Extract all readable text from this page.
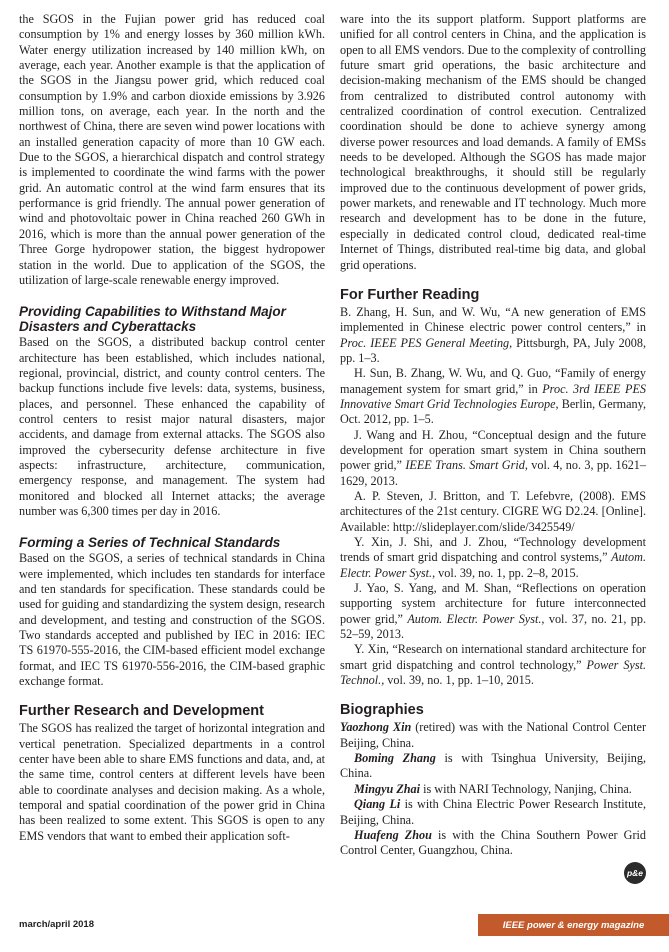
the SGOS in the Fujian power grid has reduced coal consumption by 1% and energy losses by 360 million kWh. Water energy utilization increased by 140 million kWh, on average, each year. Another example is that the application of the SGOS in the Jiangsu power grid, which reduced coal consumption by 1.9% and carbon dioxide emissions by 3.926 million tons, on average, each year. In the north and the northwest of China, there are seven wind power locations with an installed generation capacity of more than 10 GW each. Due to the SGOS, a hierarchical dispatch and control strategy is implemented to coordinate the wind farms with the power grid. An automatic control at the wind farm ensures that its performance is grid friendly. The annual power generation of wind and photovoltaic power in China reached 260 GWh in 2016, which is more than the annual power generation of the Three Gorge hydropower station, the biggest hydropower station in the world. Due to application of the SGOS, the utilization of large-scale renewable energy improved.

Providing Capabilities to Withstand Major Disasters and Cyberattacks

Based on the SGOS, a distributed backup control center architecture has been established, which includes national, regional, provincial, district, and county control centers. The backup functions include five levels: data, systems, business, places, and personnel. These enhanced the capability of control centers to resist major natural disasters, major accidents, and damage from external attacks. The SGOS also improved the cybersecurity defense architecture in five aspects: infrastructure, architecture, communication, emergency response, and management. The system had monitored and blocked all Internet attacks; the average number was 6,300 times per day in 2016.

Forming a Series of Technical Standards

Based on the SGOS, a series of technical standards in China were implemented, which includes ten standards for interface and ten standards for specification. These standards could be used for guiding and standardizing the system design, research and development, and testing and construction of the SGOS. Two standards accepted and published by IEC in 2016: IEC TS 61970-555-2016, the CIM-based efficient model exchange format, and IEC TS 61970-556-2016, the CIM-based graphic exchange format.

Further Research and Development

The SGOS has realized the target of horizontal integration and vertical penetration. Specialized departments in a control center have been able to share EMS functions and data, and, at the same time, control centers at different levels have been able to coordinate analyses and decision making. As a whole, temporal and spatial coordination of the power grid in China has been realized to some extent. This SGOS is open to any EMS vendors that want to embed their application soft-

ware into the its support platform. Support platforms are unified for all control centers in China, and the application is open to all EMS vendors. Due to the complexity of controlling future smart grid operations, the basic architecture and decision-making mechanism of the EMS should be changed from centralized to distributed control autonomy with centralized coordination of control execution. Centralized coordination should be done to achieve synergy among diverse power resources and load demands. A family of EMSs needs to be developed. Although the SGOS has made major technological breakthroughs, it should still be regularly improved due to the continuous development of power grids, power markets, and renewable and IT technology. Much more research and development has to be done in the future, especially in dedicated control cloud, dedicated real-time Internet of Things, distributed real-time big data, and global grid operations.

For Further Reading

B. Zhang, H. Sun, and W. Wu, “A new generation of EMS implemented in Chinese electric power control centers,” in Proc. IEEE PES General Meeting, Pittsburgh, PA, July 2008, pp. 1–3.

H. Sun, B. Zhang, W. Wu, and Q. Guo, “Family of energy management system for smart grid,” in Proc. 3rd IEEE PES Innovative Smart Grid Technologies Europe, Berlin, Germany, Oct. 2012, pp. 1–5.

J. Wang and H. Zhou, “Conceptual design and the future development for operation smart system in China southern power grid,” IEEE Trans. Smart Grid, vol. 4, no. 3, pp. 1621–1629, 2013.

A. P. Steven, J. Britton, and T. Lefebvre, (2008). EMS architectures of the 21st century. CIGRE WG D2.24. [Online]. Available: http://slideplayer.com/slide/3425549/

Y. Xin, J. Shi, and J. Zhou, “Technology development trends of smart grid dispatching and control systems,” Autom. Electr. Power Syst., vol. 39, no. 1, pp. 2–8, 2015.

J. Yao, S. Yang, and M. Shan, “Reflections on operation supporting system architecture for future interconnected power grid,” Autom. Electr. Power Syst., vol. 37, no. 21, pp. 52–59, 2013.

Y. Xin, “Research on international standard architecture for smart grid dispatching and control technology,” Power Syst. Technol., vol. 39, no. 1, pp. 1–10, 2015.

Biographies

Yaozhong Xin (retired) was with the National Control Center Beijing, China.

Boming Zhang is with Tsinghua University, Beijing, China.

Mingyu Zhai is with NARI Technology, Nanjing, China.

Qiang Li is with China Electric Power Research Institute, Beijing, China.

Huafeng Zhou is with the China Southern Power Grid Control Center, Guangzhou, China.

p&e
march/april 2018	IEEE power & energy magazine
